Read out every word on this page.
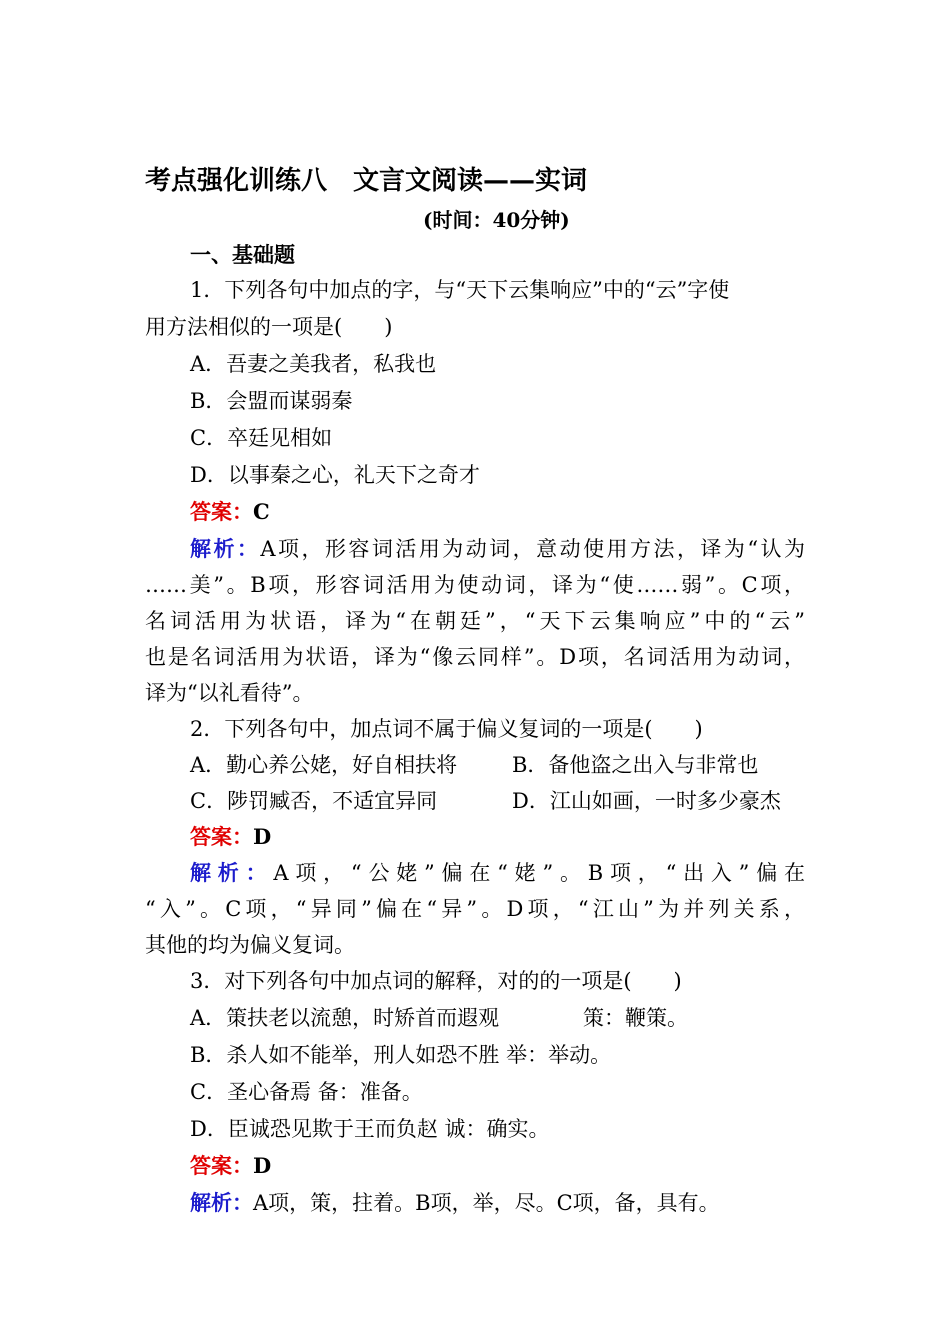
考点强化训练八　文言文阅读——实词
(时间：40分钟)
一、基础题
1．下列各句中加点的字，与“天下云集响应”中的“云”字使
用方法相似的一项是(　　)
A．吾妻之美我者，私我也
B．会盟而谋弱秦
C．卒廷见相如
D．以事秦之心，礼天下之奇才
答案：C
解析：A项，形容词活用为动词，意动使用方法，译为“认为
……美”。B项，形容词活用为使动词，译为“使……弱”。C项，
名词活用为状语，译为“在朝廷”，“天下云集响应”中的“云”
也是名词活用为状语，译为“像云同样”。D项，名词活用为动词，
译为“以礼看待”。
2．下列各句中，加点词不属于偏义复词的一项是(　　)
A．勤心养公姥，好自相扶将	B．备他盗之出入与非常也
C．陟罚臧否，不适宜异同	D．江山如画，一时多少豪杰
答案：D
解析：A项，“公姥”偏在“姥”。B项，“出入”偏在
“入”。C项，“异同”偏在“异”。D项，“江山”为并列关系，
其他的均为偏义复词。
3．对下列各句中加点词的解释，对的的一项是(　　)
A．策扶老以流憩，时矫首而遐观	策：鞭策。
B．杀人如不能举，刑人如恐不胜 举：举动。
C．圣心备焉 备：准备。
D．臣诚恐见欺于王而负赵 诚：确实。
答案：D
解析：A项，策，拄着。B项，举，尽。C项，备，具有。
